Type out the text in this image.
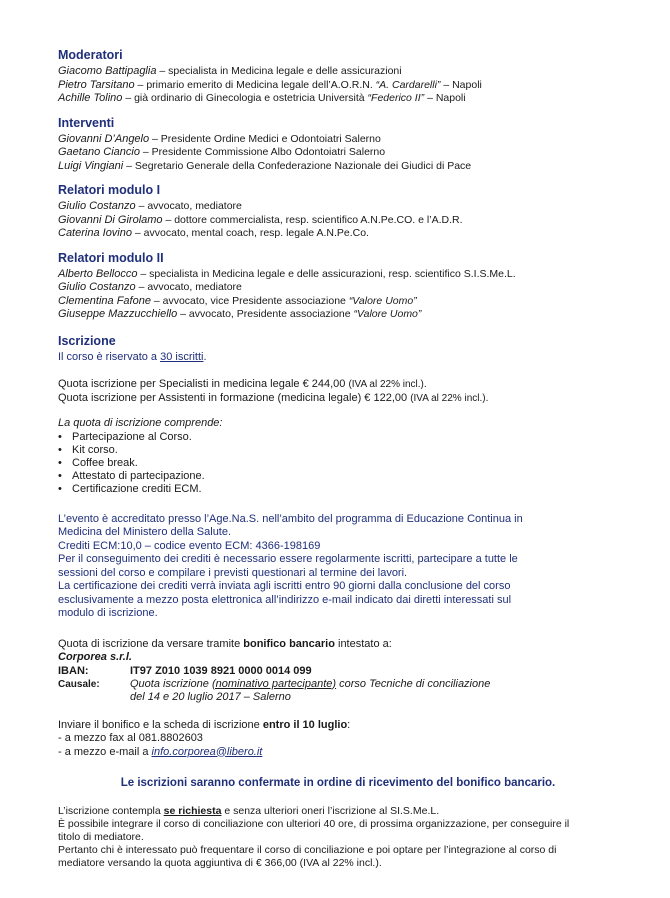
Moderatori
Giacomo Battipaglia – specialista in Medicina legale e delle assicurazioni
Pietro Tarsitano – primario emerito di Medicina legale dell’A.O.R.N. “A. Cardarelli” – Napoli
Achille Tolino – già ordinario di Ginecologia e ostetricia Università “Federico II” – Napoli
Interventi
Giovanni D’Angelo – Presidente Ordine Medici e Odontoiatri Salerno
Gaetano Ciancio – Presidente Commissione Albo Odontoiatri Salerno
Luigi Vingiani – Segretario Generale della Confederazione Nazionale dei Giudici di Pace
Relatori modulo I
Giulio Costanzo – avvocato, mediatore
Giovanni Di Girolamo – dottore commercialista, resp. scientifico A.N.Pe.CO. e l’A.D.R.
Caterina Iovino – avvocato, mental coach, resp. legale A.N.Pe.Co.
Relatori modulo II
Alberto Bellocco – specialista in Medicina legale e delle assicurazioni, resp. scientifico S.I.S.Me.L.
Giulio Costanzo – avvocato, mediatore
Clementina Fafone – avvocato, vice Presidente associazione “Valore Uomo”
Giuseppe Mazzucchiello – avvocato, Presidente associazione “Valore Uomo”
Iscrizione
Il corso è riservato a 30 iscritti.
Quota iscrizione per Specialisti in medicina legale € 244,00 (IVA al 22% incl.).
Quota iscrizione per Assistenti in formazione (medicina legale) € 122,00 (IVA al 22% incl.).
La quota di iscrizione comprende:
• Partecipazione al Corso.
• Kit corso.
• Coffee break.
• Attestato di partecipazione.
• Certificazione crediti ECM.
L’evento è accreditato presso l’Age.Na.S. nell’ambito del programma di Educazione Continua in
Medicina del Ministero della Salute.
Crediti ECM:10,0 – codice evento ECM: 4366-198169
Per il conseguimento dei crediti è necessario essere regolarmente iscritti, partecipare a tutte le
sessioni del corso e compilare i previsti questionari al termine dei lavori.
La certificazione dei crediti verrà inviata agli iscritti entro 90 giorni dalla conclusione del corso
esclusivamente a mezzo posta elettronica all’indirizzo e-mail indicato dai diretti interessati sul
modulo di iscrizione.
Quota di iscrizione da versare tramite bonifico bancario intestato a:
Corporea s.r.l.
IBAN:	IT97 Z010 1039 8921 0000 0014 099
Causale:	Quota iscrizione (nominativo partecipante) corso Tecniche di conciliazione
del 14 e 20 luglio 2017 – Salerno
Inviare il bonifico e la scheda di iscrizione entro il 10 luglio:
- a mezzo fax al 081.8802603
- a mezzo e-mail a info.corporea@libero.it
Le iscrizioni saranno confermate in ordine di ricevimento del bonifico bancario.
L’iscrizione contempla se richiesta e senza ulteriori oneri l’iscrizione al SI.S.Me.L.
È possibile integrare il corso di conciliazione con ulteriori 40 ore, di prossima organizzazione, per conseguire il
titolo di mediatore.
Pertanto chi è interessato può frequentare il corso di conciliazione e poi optare per l’integrazione al corso di
mediatore versando la quota aggiuntiva di € 366,00 (IVA al 22% incl.).
